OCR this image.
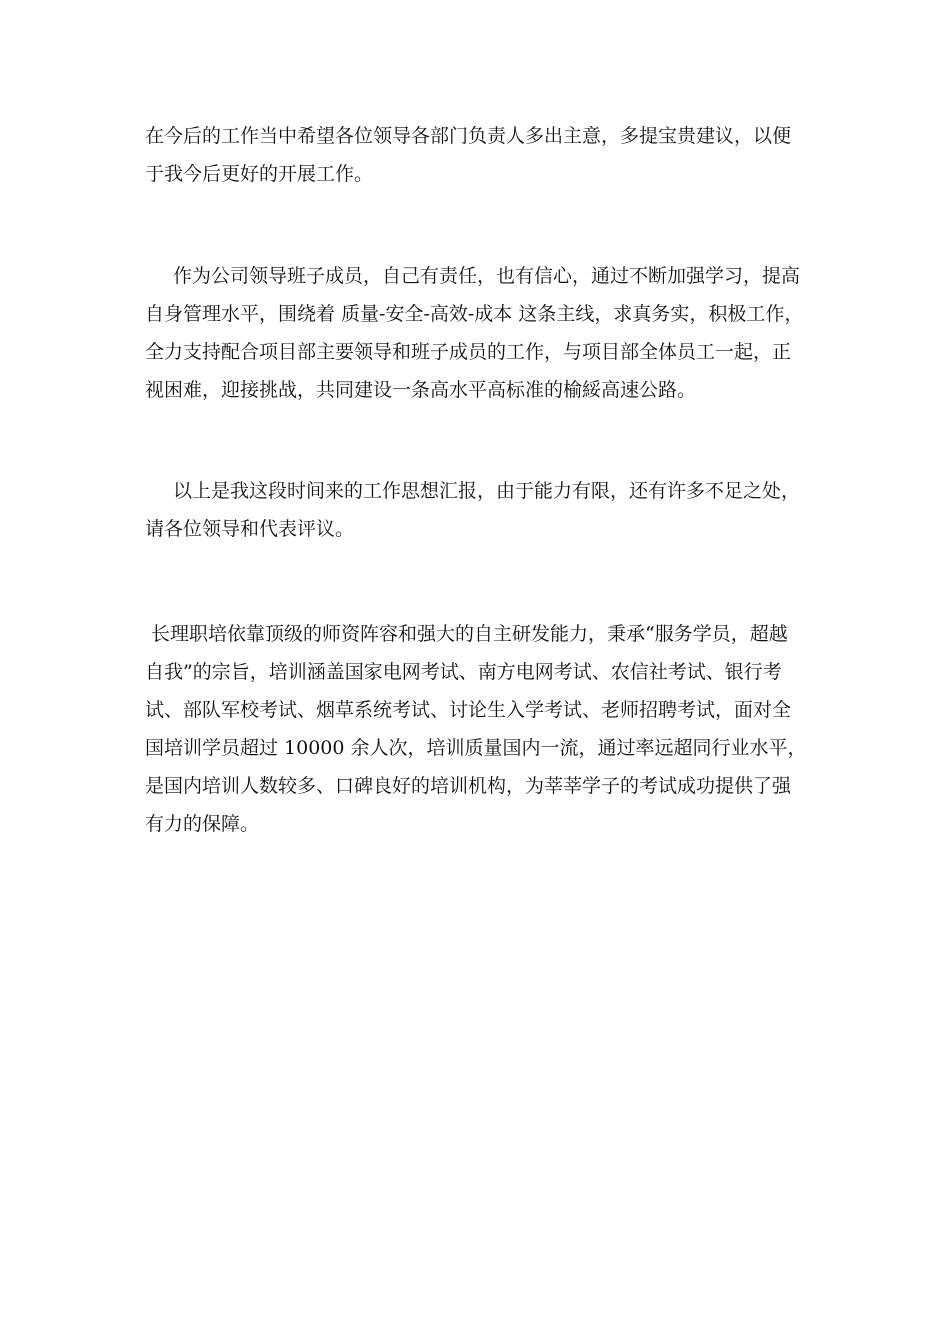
在今后的工作当中希望各位领导各部门负责人多出主意，多提宝贵建议，以便
于我今后更好的开展工作。
作为公司领导班子成员，自己有责任，也有信心，通过不断加强学习，提高
自身管理水平，围绕着 质量-安全-高效-成本 这条主线，求真务实，积极工作，
全力支持配合项目部主要领导和班子成员的工作，与项目部全体员工一起，正
视困难，迎接挑战，共同建设一条高水平高标准的榆綏高速公路。
以上是我这段时间来的工作思想汇报，由于能力有限，还有许多不足之处，
请各位领导和代表评议。
长理职培依靠顶级的师资阵容和强大的自主研发能力，秉承“服务学员，超越
自我”的宗旨，培训涵盖国家电网考试、南方电网考试、农信社考试、银行考
试、部队军校考试、烟草系统考试、讨论生入学考试、老师招聘考试，面对全
国培训学员超过 10000 余人次，培训质量国内一流，通过率远超同行业水平，
是国内培训人数较多、口碑良好的培训机构，为莘莘学子的考试成功提供了强
有力的保障。
